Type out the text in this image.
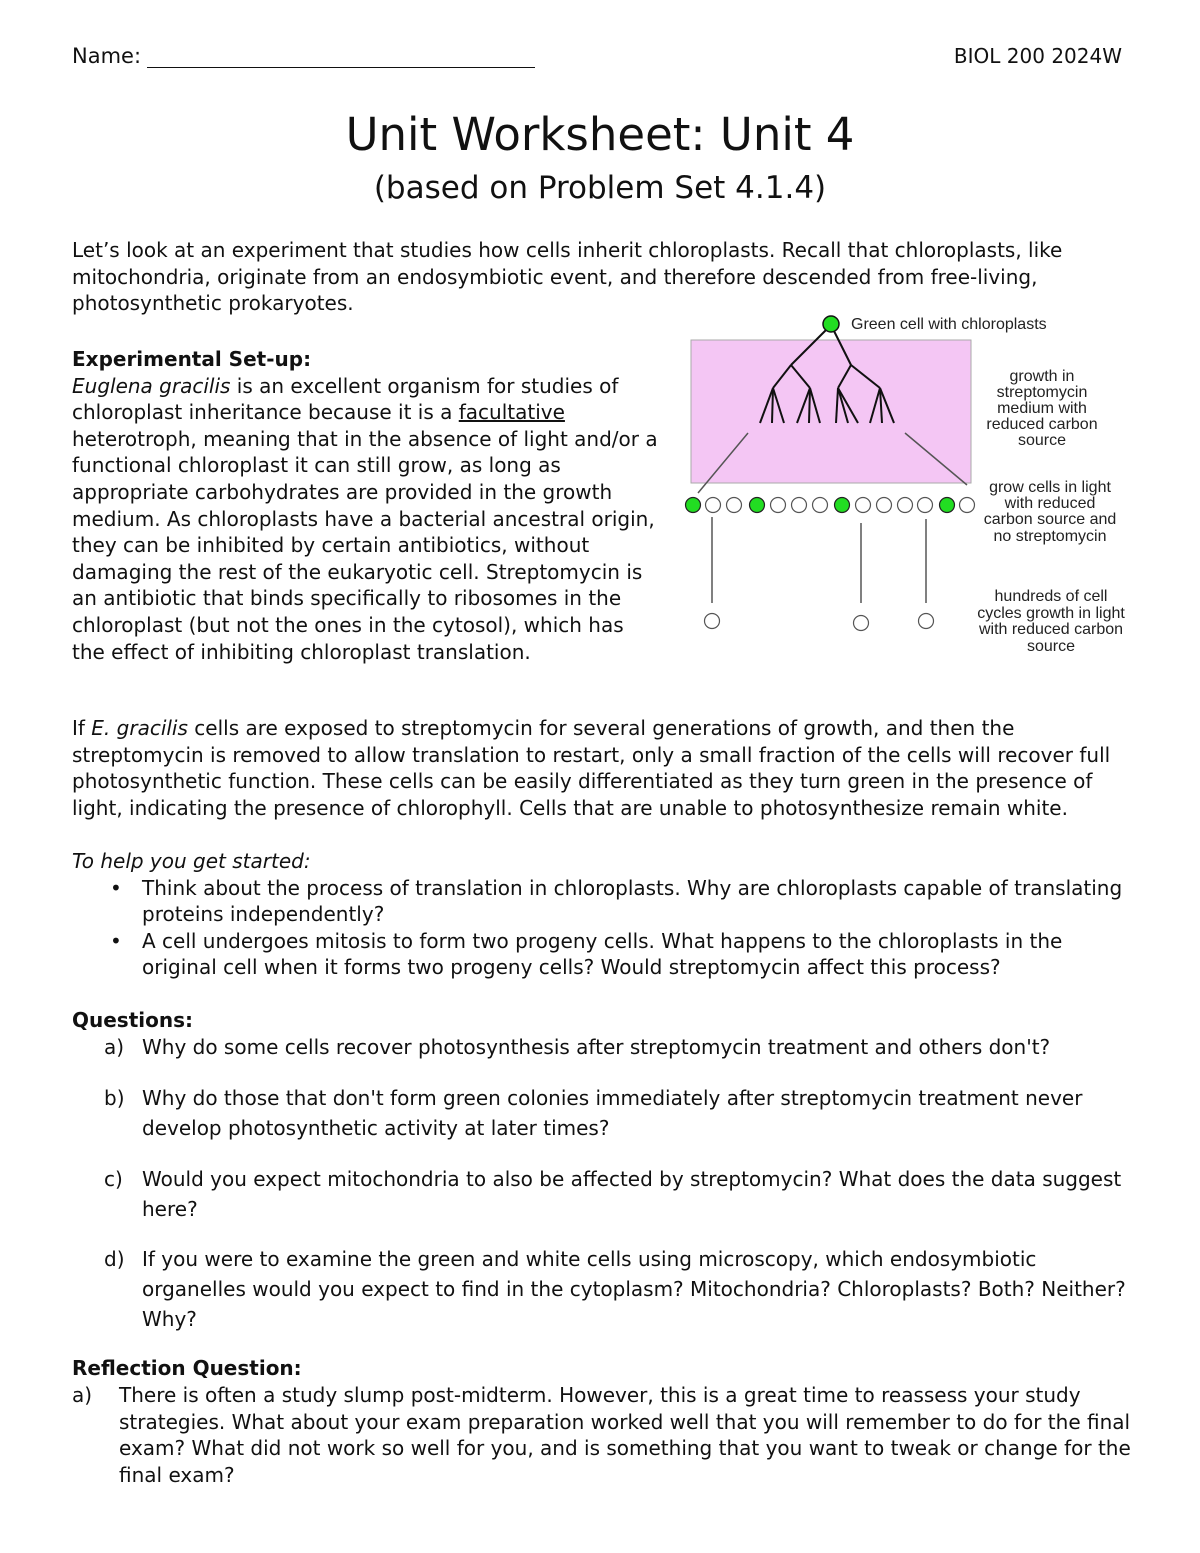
Name:	BIOL 200 2024W
Unit Worksheet: Unit 4
(based on Problem Set 4.1.4)
Let’s look at an experiment that studies how cells inherit chloroplasts. Recall that chloroplasts, like mitochondria, originate from an endosymbiotic event, and therefore descended from free-living, photosynthetic prokaryotes.
Experimental Set-up:
Euglena gracilis is an excellent organism for studies of chloroplast inheritance because it is a facultative heterotroph, meaning that in the absence of light and/or a functional chloroplast it can still grow, as long as appropriate carbohydrates are provided in the growth medium. As chloroplasts have a bacterial ancestral origin, they can be inhibited by certain antibiotics, without damaging the rest of the eukaryotic cell. Streptomycin is an antibiotic that binds specifically to ribosomes in the chloroplast (but not the ones in the cytosol), which has the effect of inhibiting chloroplast translation.
Green cell with chloroplasts
growth in
streptomycin
medium with
reduced carbon
source
grow cells in light
with reduced
carbon source and
no streptomycin
hundreds of cell
cycles growth in light
with reduced carbon
source
If E. gracilis cells are exposed to streptomycin for several generations of growth, and then the streptomycin is removed to allow translation to restart, only a small fraction of the cells will recover full photosynthetic function. These cells can be easily differentiated as they turn green in the presence of light, indicating the presence of chlorophyll. Cells that are unable to photosynthesize remain white.
To help you get started:
• Think about the process of translation in chloroplasts. Why are chloroplasts capable of translating proteins independently?
• A cell undergoes mitosis to form two progeny cells. What happens to the chloroplasts in the original cell when it forms two progeny cells? Would streptomycin affect this process?
Questions:
a) Why do some cells recover photosynthesis after streptomycin treatment and others don't?
b) Why do those that don't form green colonies immediately after streptomycin treatment never develop photosynthetic activity at later times?
c) Would you expect mitochondria to also be affected by streptomycin? What does the data suggest here?
d) If you were to examine the green and white cells using microscopy, which endosymbiotic organelles would you expect to find in the cytoplasm? Mitochondria? Chloroplasts? Both? Neither? Why?
Reflection Question:
a)	There is often a study slump post-midterm. However, this is a great time to reassess your study strategies. What about your exam preparation worked well that you will remember to do for the final exam? What did not work so well for you, and is something that you want to tweak or change for the final exam?
